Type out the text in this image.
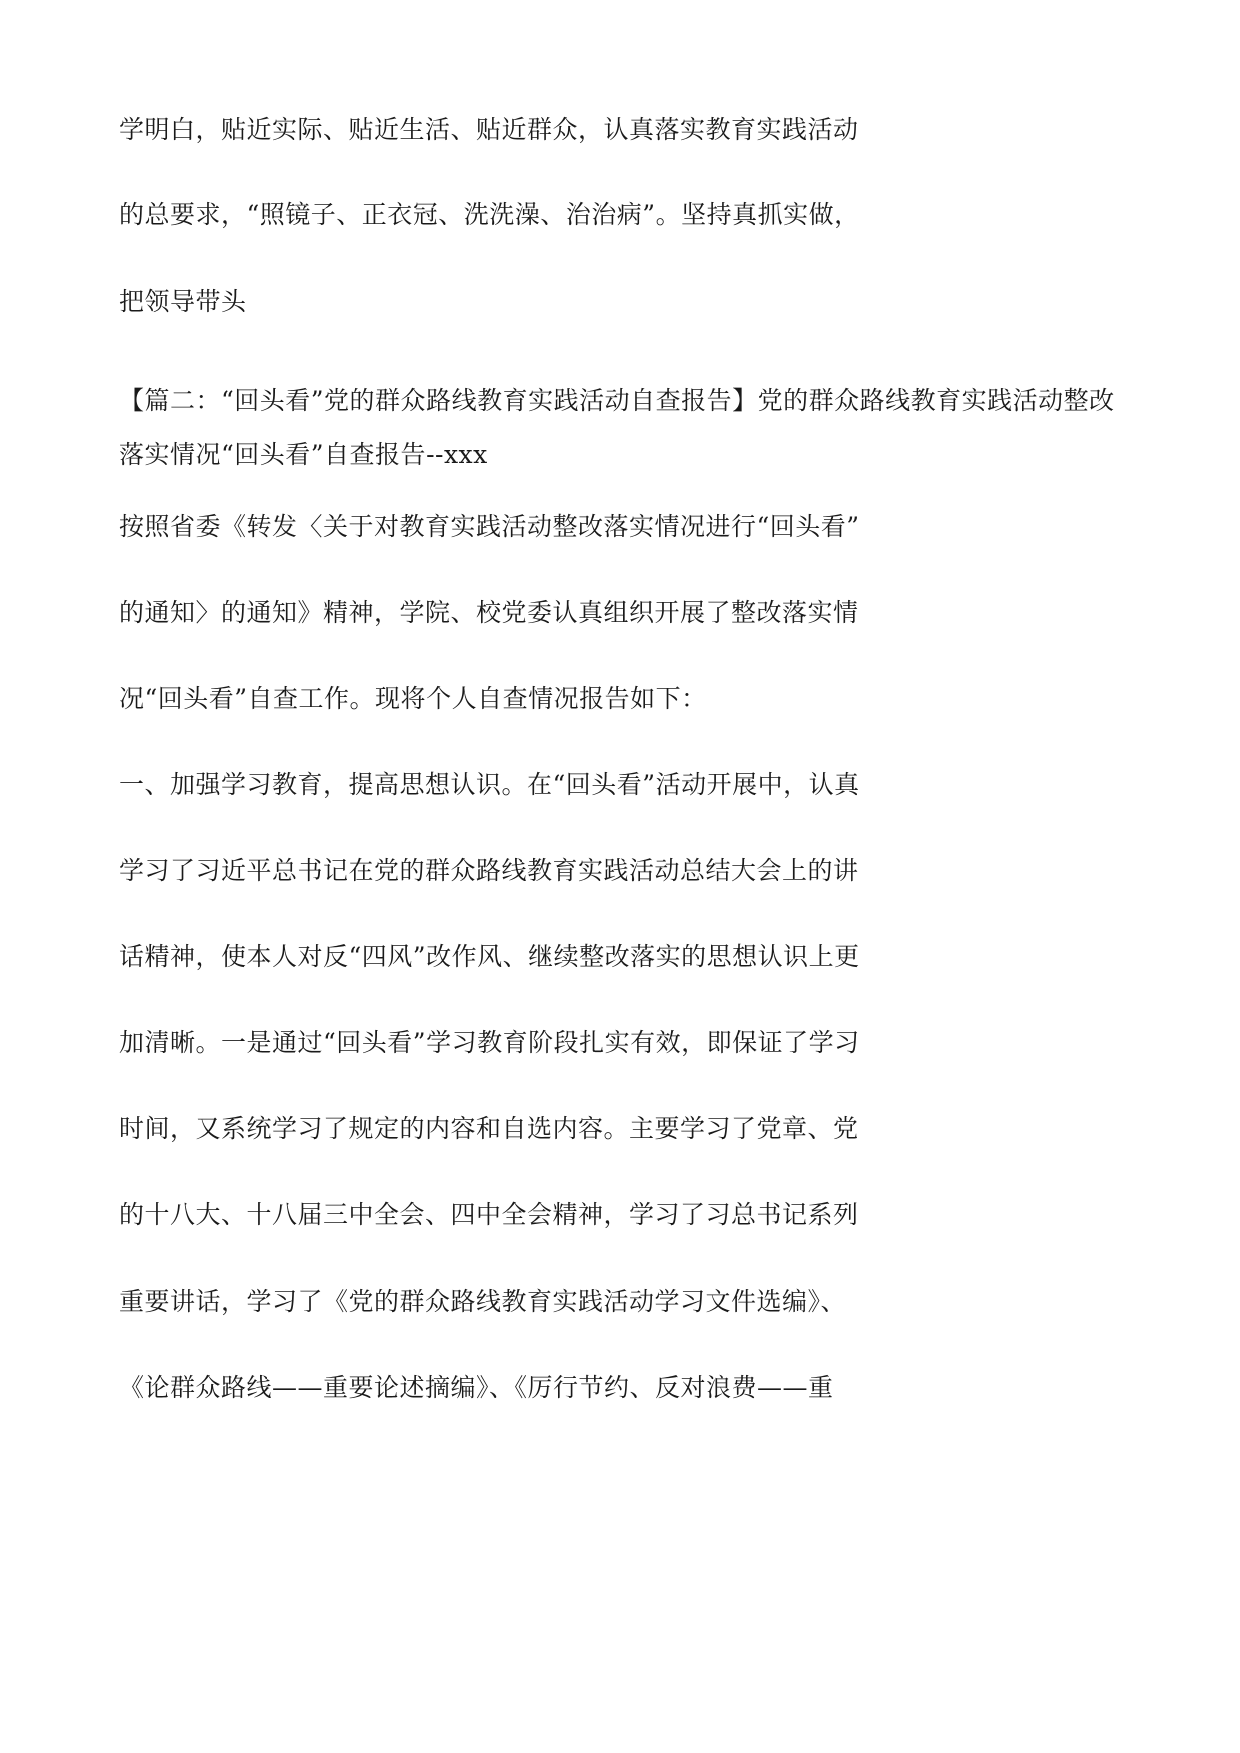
学明白，贴近实际、贴近生活、贴近群众，认真落实教育实践活动

的总要求，“照镜子、正衣冠、洗洗澡、治治病”。坚持真抓实做，

把领导带头

【篇二：“回头看”党的群众路线教育实践活动自查报告】党的群众路线教育实践活动整改落实情况“回头看”自查报告--xxx

按照省委《转发〈关于对教育实践活动整改落实情况进行“回头看”

的通知〉的通知》精神，学院、校党委认真组织开展了整改落实情

况“回头看”自查工作。现将个人自查情况报告如下：

一、加强学习教育，提高思想认识。在“回头看”活动开展中，认真

学习了习近平总书记在党的群众路线教育实践活动总结大会上的讲

话精神，使本人对反“四风”改作风、继续整改落实的思想认识上更

加清晰。一是通过“回头看”学习教育阶段扎实有效，即保证了学习

时间，又系统学习了规定的内容和自选内容。主要学习了党章、党

的十八大、十八届三中全会、四中全会精神，学习了习总书记系列

重要讲话，学习了《党的群众路线教育实践活动学习文件选编》、

《论群众路线——重要论述摘编》、《厉行节约、反对浪费——重
